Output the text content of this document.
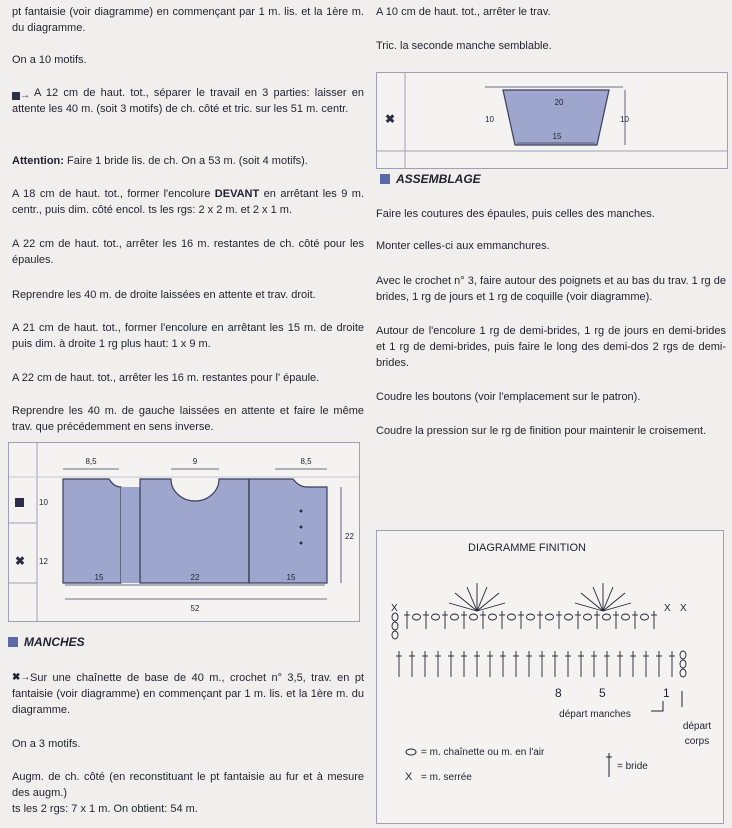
pt fantaisie (voir diagramme) en commençant par 1 m. lis. et la 1ère m. du diagramme.

On a 10 motifs.

→ A 12 cm de haut. tot., séparer le travail en 3 parties: laisser en attente les 40 m. (soit 3 motifs) de ch. côté et tric. sur les 51 m. centr.

Attention: Faire 1 bride lis. de ch. On a 53 m. (soit 4 motifs).

A 18 cm de haut. tot., former l'encolure DEVANT en arrêtant les 9 m. centr., puis dim. côté encol. ts les rgs: 2 x 2 m. et 2 x 1 m.

A 22 cm de haut. tot., arrêter les 16 m. restantes de ch. côté pour les épaules.

Reprendre les 40 m. de droite laissées en attente et trav. droit.

A 21 cm de haut. tot., former l'encolure en arrêtant les 15 m. de droite puis dim. à droite 1 rg plus haut: 1 x 9 m.

A 22 cm de haut. tot., arrêter les 16 m. restantes pour l' épaule.

Reprendre les 40 m. de gauche laissées en attente et faire le même trav. que précédemment en sens inverse.

8,5	9	8,5
10
✖ 12
22
15	22	15
52
MANCHES

✖→ Sur une chaînette de base de 40 m., crochet n° 3,5, trav. en pt fantaisie (voir diagramme) en commençant par 1 m. lis. et la 1ère m. du diagramme.

On a 3 motifs.

Augm. de ch. côté (en reconstituant le pt fantaisie au fur et à mesure des augm.)

ts les 2 rgs: 7 x 1 m. On obtient: 54 m.

A 10 cm de haut. tot., arrêter le trav.

Tric. la seconde manche semblable.

✖
20
15
10	10
ASSEMBLAGE

Faire les coutures des épaules, puis celles des manches.

Monter celles-ci aux emmanchures.

Avec le crochet n° 3, faire autour des poignets et au bas du trav. 1 rg de brides, 1 rg de jours et 1 rg de coquille (voir diagramme).

Autour de l'encolure 1 rg de demi-brides, 1 rg de jours en demi-brides et 1 rg de demi-brides, puis faire le long des demi-dos 2 rgs de demi-brides.

Coudre les boutons (voir l'emplacement sur le patron).

Coudre la pression sur le rg de finition pour maintenir le croisement.

DIAGRAMME FINITION
X	X X
8	5	1
départ manches
départ
corps
= m. chaînette ou m. en l'air
X = m. serrée
= bride
